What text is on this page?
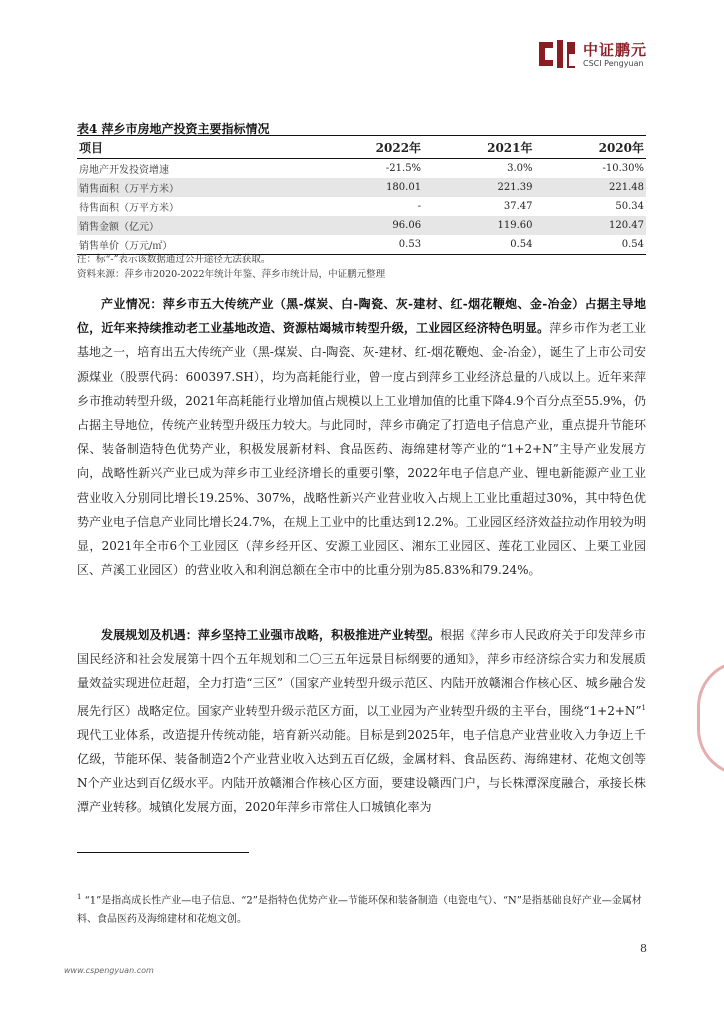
中证鹏元
CSCI Pengyuan
表4 萍乡市房地产投资主要指标情况
项目	2022年	2021年	2020年
房地产开发投资增速	-21.5%	3.0%	-10.30%
销售面积（万平方米）	180.01	221.39	221.48
待售面积（万平方米）	-	37.47	50.34
销售金额（亿元）	96.06	119.60	120.47
销售单价（万元/㎡）	0.53	0.54	0.54
注：标“-”表示该数据通过公开途径无法获取。
资料来源：萍乡市2020-2022年统计年鉴、萍乡市统计局，中证鹏元整理

产业情况：萍乡市五大传统产业（黑-煤炭、白-陶瓷、灰-建材、红-烟花鞭炮、金-冶金）占据主导地位，近年来持续推动老工业基地改造、资源枯竭城市转型升级，工业园区经济特色明显。萍乡市作为老工业基地之一，培育出五大传统产业（黑-煤炭、白-陶瓷、灰-建材、红-烟花鞭炮、金-冶金），诞生了上市公司安源煤业（股票代码：600397.SH），均为高耗能行业，曾一度占到萍乡工业经济总量的八成以上。近年来萍乡市推动转型升级，2021年高耗能行业增加值占规模以上工业增加值的比重下降4.9个百分点至55.9%，仍占据主导地位，传统产业转型升级压力较大。与此同时，萍乡市确定了打造电子信息产业，重点提升节能环保、装备制造特色优势产业，积极发展新材料、食品医药、海绵建材等产业的“1+2+N”主导产业发展方向，战略性新兴产业已成为萍乡市工业经济增长的重要引擎，2022年电子信息产业、锂电新能源产业工业营业收入分别同比增长19.25%、307%，战略性新兴产业营业收入占规上工业比重超过30%，其中特色优势产业电子信息产业同比增长24.7%，在规上工业中的比重达到12.2%。工业园区经济效益拉动作用较为明显，2021年全市6个工业园区（萍乡经开区、安源工业园区、湘东工业园区、莲花工业园区、上栗工业园区、芦溪工业园区）的营业收入和利润总额在全市中的比重分别为85.83%和79.24%。

发展规划及机遇：萍乡坚持工业强市战略，积极推进产业转型。根据《萍乡市人民政府关于印发萍乡市国民经济和社会发展第十四个五年规划和二〇三五年远景目标纲要的通知》，萍乡市经济综合实力和发展质量效益实现进位赶超，全力打造“三区”（国家产业转型升级示范区、内陆开放赣湘合作核心区、城乡融合发展先行区）战略定位。国家产业转型升级示范区方面，以工业园为产业转型升级的主平台，围绕“1+2+N”$^1$现代工业体系，改造提升传统动能，培育新兴动能。目标是到2025年，电子信息产业营业收入力争迈上千亿级，节能环保、装备制造2个产业营业收入达到五百亿级，金属材料、食品医药、海绵建材、花炮文创等N个产业达到百亿级水平。内陆开放赣湘合作核心区方面，要建设赣西门户，与长株潭深度融合，承接长株潭产业转移。城镇化发展方面，2020年萍乡市常住人口城镇化率为

$^1$ “1”是指高成长性产业—电子信息、“2”是指特色优势产业—节能环保和装备制造（电瓷电气）、“N”是指基础良好产业—金属材料、食品医药及海绵建材和花炮文创。

8
www.cspengyuan.com
